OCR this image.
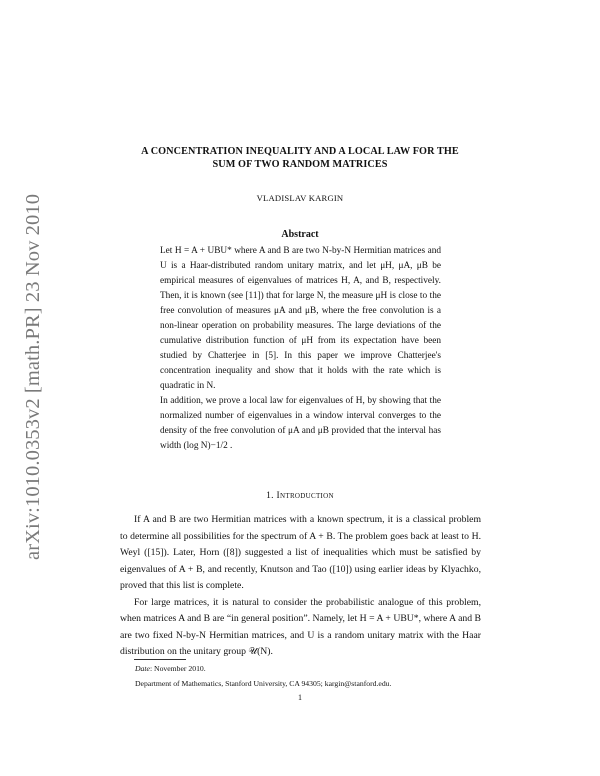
arXiv:1010.0353v2 [math.PR] 23 Nov 2010
A CONCENTRATION INEQUALITY AND A LOCAL LAW FOR THE
SUM OF TWO RANDOM MATRICES
VLADISLAV KARGIN
Abstract

Let H = A + UBU* where A and B are two N-by-N Hermitian matrices and U is a Haar-distributed random unitary matrix, and let μH, μA, μB be empirical measures of eigenvalues of matrices H, A, and B, respectively. Then, it is known (see [11]) that for large N, the measure μH is close to the free convolution of measures μA and μB, where the free convolution is a non-linear operation on probability measures. The large deviations of the cumulative distribution function of μH from its expectation have been studied by Chatterjee in [5]. In this paper we improve Chatterjee's concentration inequality and show that it holds with the rate which is quadratic in N.

In addition, we prove a local law for eigenvalues of H, by showing that the normalized number of eigenvalues in a window interval converges to the density of the free convolution of μA and μB provided that the interval has width (log N)−1/2 .

1. Introduction

If A and B are two Hermitian matrices with a known spectrum, it is a classical problem to determine all possibilities for the spectrum of A + B. The problem goes back at least to H. Weyl ([15]). Later, Horn ([8]) suggested a list of inequalities which must be satisfied by eigenvalues of A + B, and recently, Knutson and Tao ([10]) using earlier ideas by Klyachko, proved that this list is complete.

For large matrices, it is natural to consider the probabilistic analogue of this problem, when matrices A and B are “in general position”. Namely, let H = A + UBU*, where A and B are two fixed N-by-N Hermitian matrices, and U is a random unitary matrix with the Haar distribution on the unitary group 𝒰(N).

Date: November 2010.
Department of Mathematics, Stanford University, CA 94305; kargin@stanford.edu.
1
